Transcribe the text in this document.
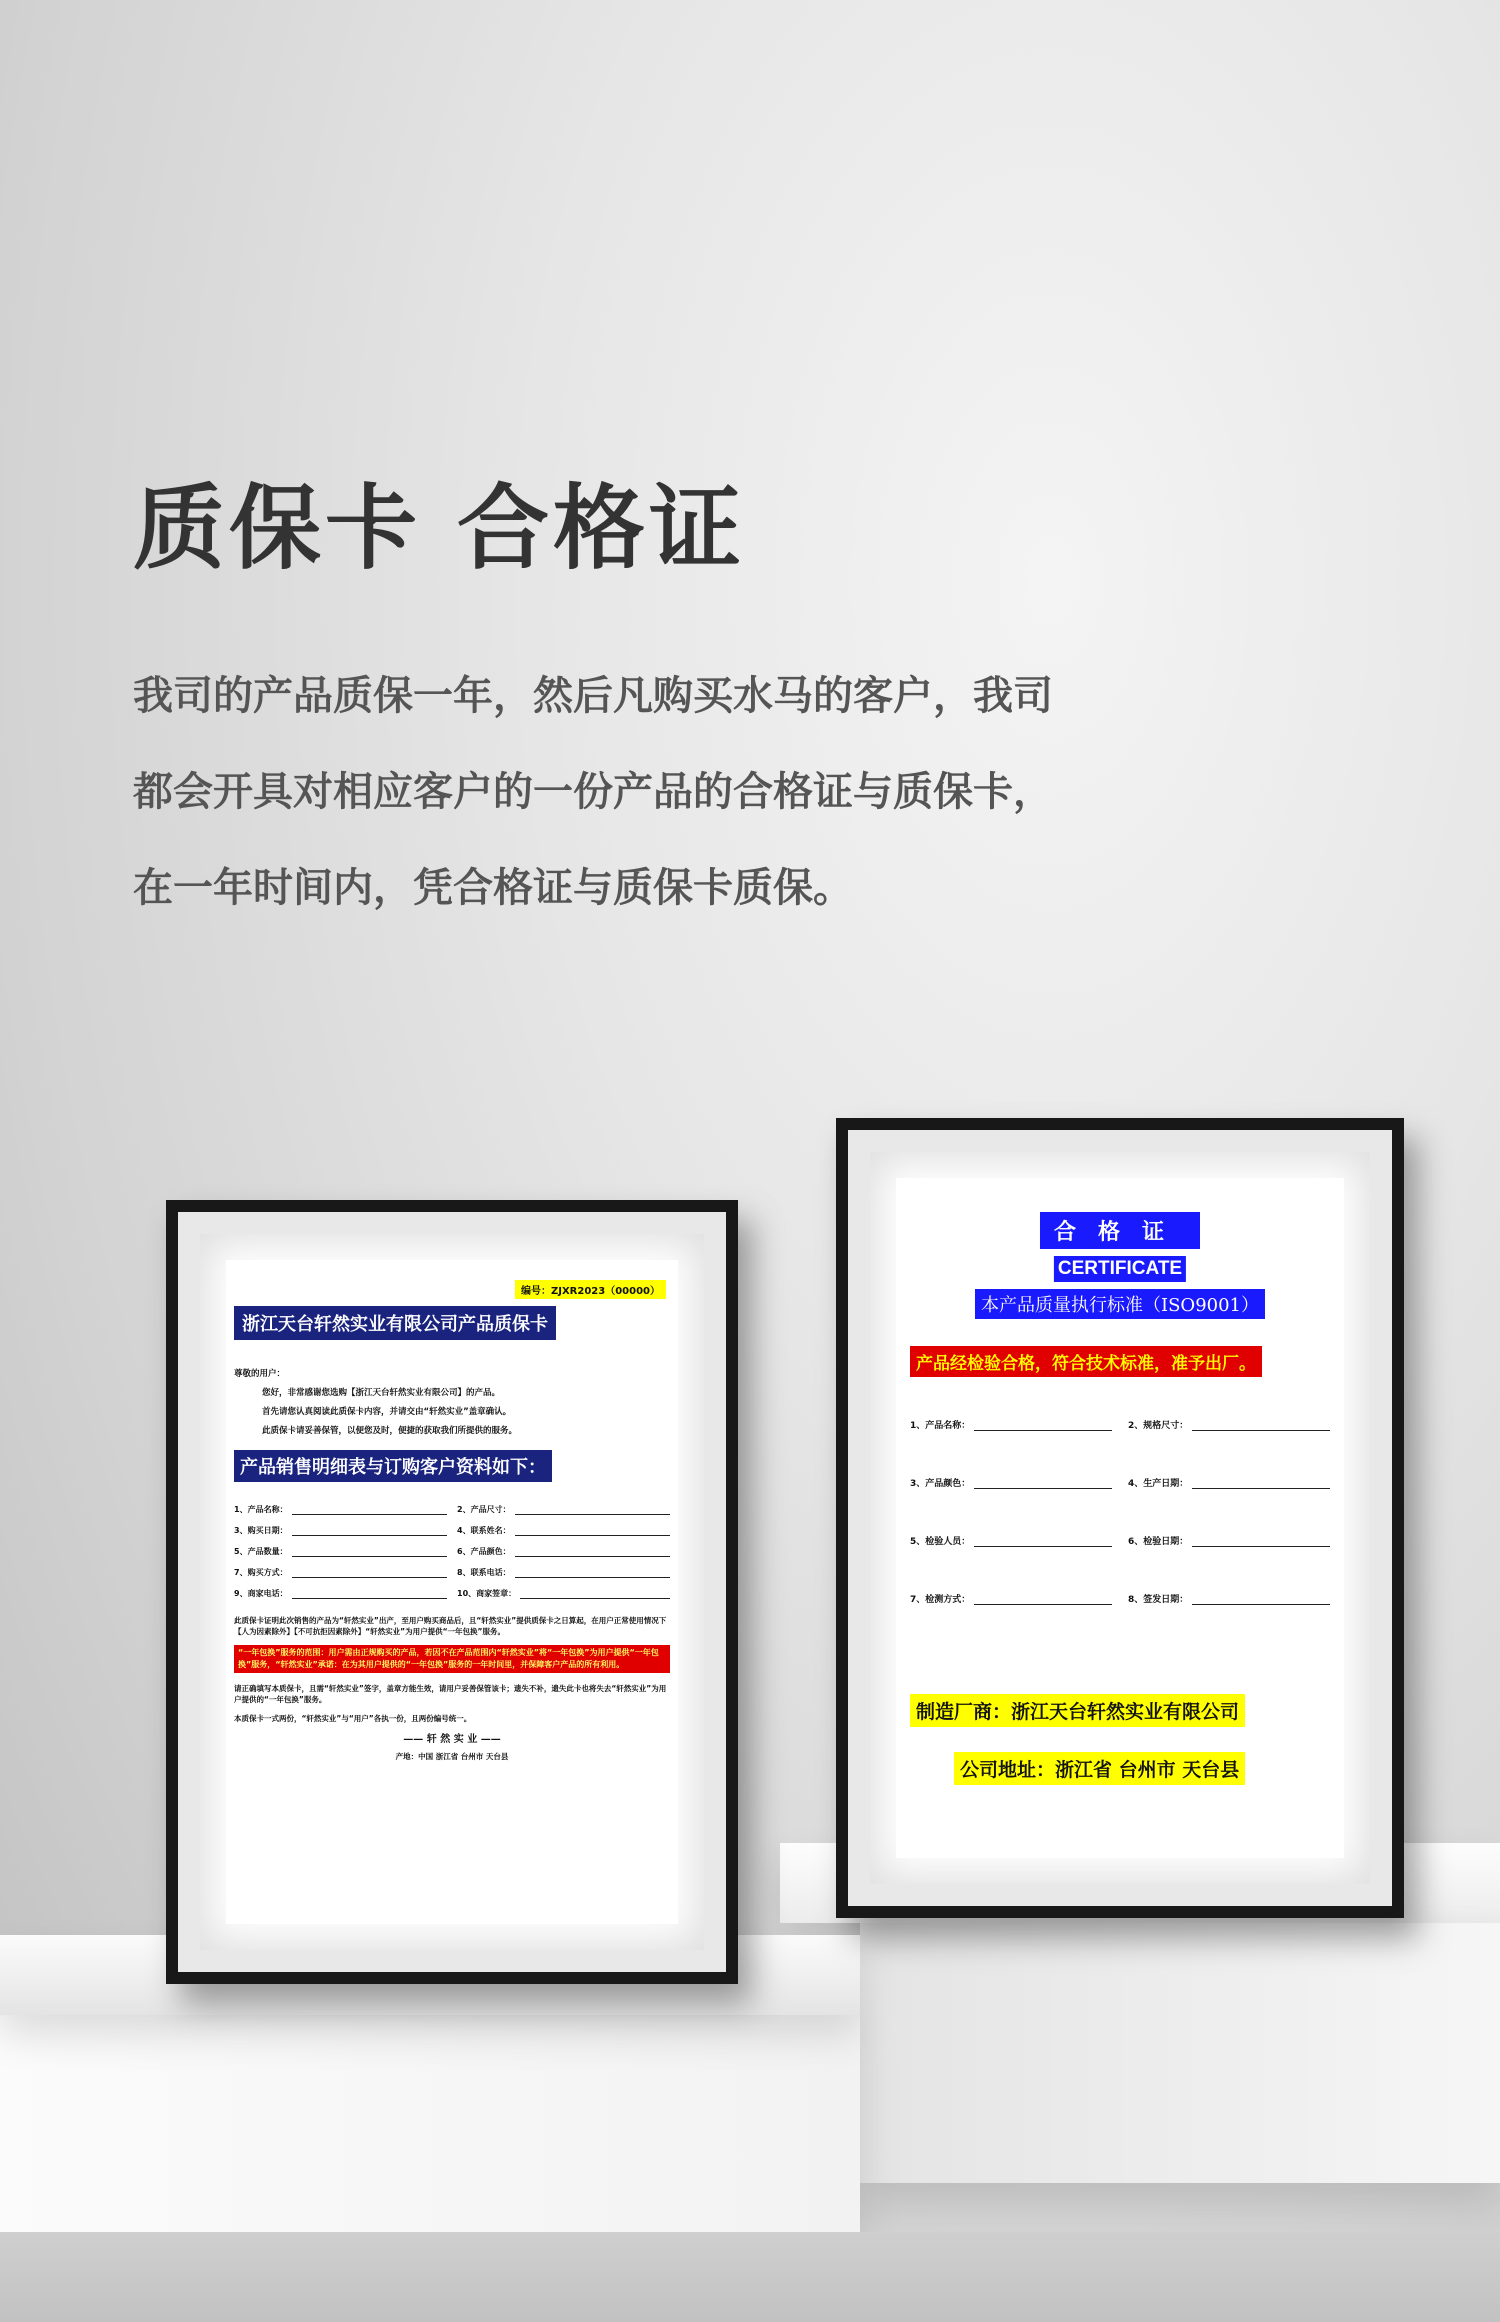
质保卡 合格证
我司的产品质保一年，然后凡购买水马的客户，我司
都会开具对相应客户的一份产品的合格证与质保卡，
在一年时间内，凭合格证与质保卡质保。
编号：ZJXR2023（00000）
浙江天台轩然实业有限公司产品质保卡

尊敬的用户：

您好，非常感谢您选购【浙江天台轩然实业有限公司】的产品。

首先请您认真阅读此质保卡内容，并请交由“轩然实业”盖章确认。

此质保卡请妥善保管，以便您及时，便捷的获取我们所提供的服务。

产品销售明细表与订购客户资料如下：
1、产品名称：	2、产品尺寸：
3、购买日期：	4、联系姓名：
5、产品数量：	6、产品颜色：
7、购买方式：	8、联系电话：
9、商家电话：	10、商家签章：

此质保卡证明此次销售的产品为“轩然实业”出产，至用户购买商品后，且“轩然实业”提供质保卡之日算起，在用户正常使用情况下【人为因素除外】【不可抗拒因素除外】“轩然实业”为用户提供“一年包换”服务。

“一年包换”服务的范围：用户需由正规购买的产品，若因不在产品范围内“轩然实业”将“一年包换”为用户提供“一年包换”服务，“轩然实业”承诺：在为其用户提供的“一年包换”服务的一年时间里，并保障客户产品的所有利用。

请正确填写本质保卡，且需“轩然实业”签字，盖章方能生效，请用户妥善保管该卡；遗失不补，遗失此卡也将失去“轩然实业”为用户提供的“一年包换”服务。

本质保卡一式两份，“轩然实业”与“用户”各执一份，且两份编号统一。

—— 轩 然 实 业 ——

产地：中国 浙江省 台州市 天台县

合格证
CERTIFICATE
本产品质量执行标准（ISO9001）
产品经检验合格，符合技术标准，准予出厂。
1、产品名称：	2、规格尺寸：
3、产品颜色：	4、生产日期：
5、检验人员：	6、检验日期：
7、检测方式：	8、签发日期：
制造厂商：浙江天台轩然实业有限公司
公司地址：浙江省 台州市 天台县
